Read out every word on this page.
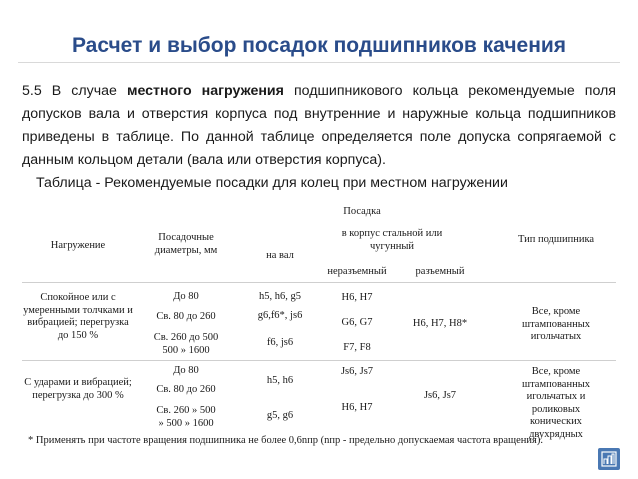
Расчет и выбор посадок подшипников качения
5.5 В случае местного нагружения подшипникового кольца рекомендуемые поля допусков вала и отверстия корпуса под внутренние и наружные кольца подшипников приведены в таблице. По данной таблице определяется поле допуска сопрягаемой с данным кольцом детали (вала или отверстия корпуса).
Таблица - Рекомендуемые посадки для колец при местном нагружении
Нагружение
Посадочные диаметры, мм
Посадка
на вал
в корпус стальной или чугунный
неразъемный	разъемный
Тип подшипника
Спокойное или с умеренными толчками и вибрацией; перегрузка до 150 %
До 80
Св. 80 до 260
Св. 260 до 500
500 » 1600
h5, h6, g5
g6,f6*, js6
f6, js6
H6, H7
G6, G7
F7, F8
H6, H7, H8*
Все, кроме штампованных игольчатых
С ударами и вибрацией; перегрузка до 300 %
До 80
Св. 80 до 260
Св. 260 » 500
» 500 » 1600
h5, h6
g5, g6
Js6, Js7
H6, H7
Js6, Js7
Все, кроме штампованных игольчатых и роликовых конических двухрядных
* Применять при частоте вращения подшипника не более 0,6nпр (nпр - предельно допускаемая частота вращения).
